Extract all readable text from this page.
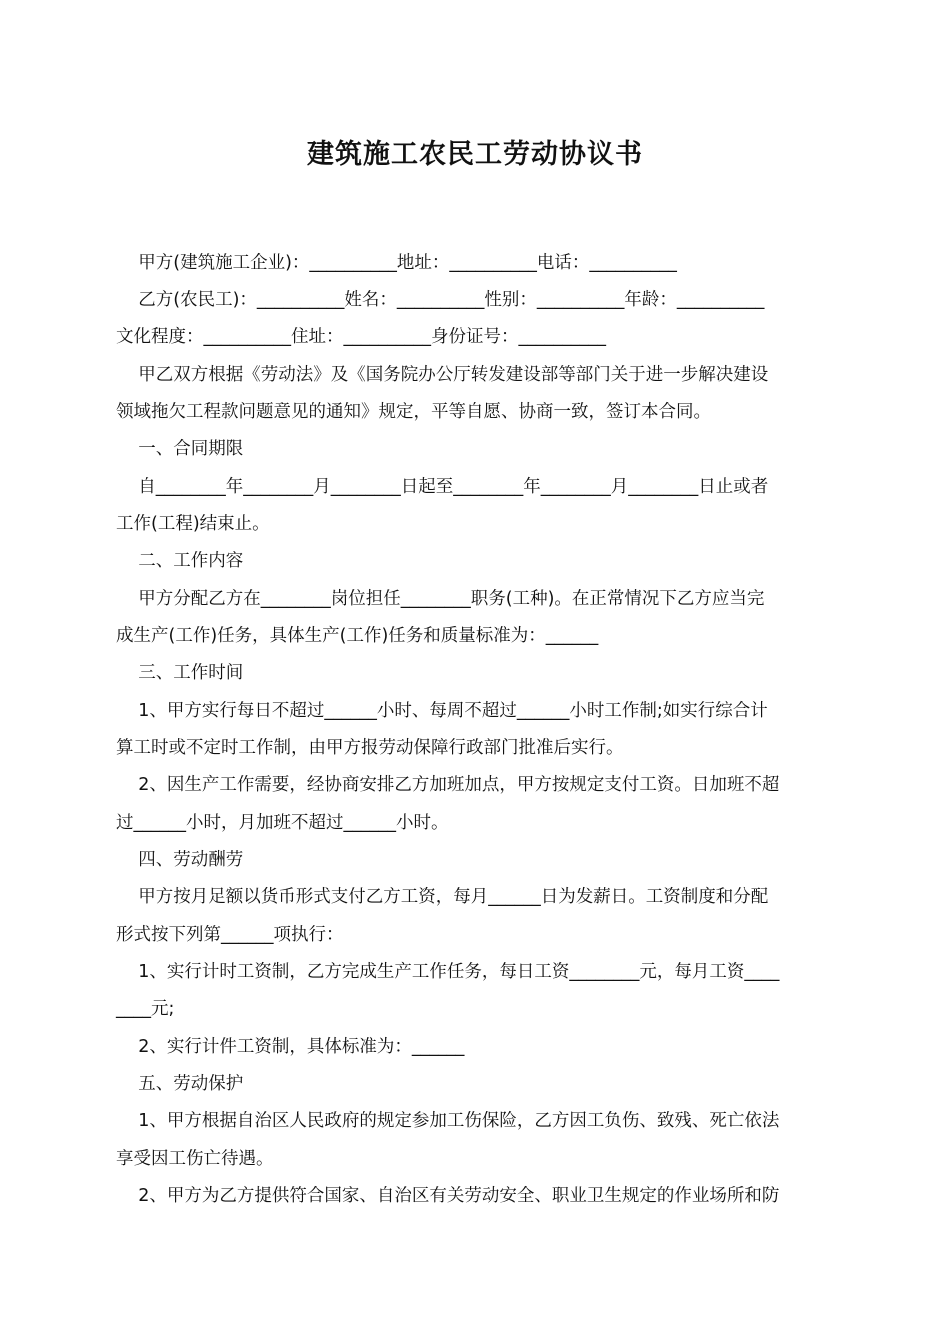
建筑施工农民工劳动协议书
甲方(建筑施工企业)：__________地址：__________电话：__________
乙方(农民工)：__________姓名：__________性别：__________年龄：__________
文化程度：__________住址：__________身份证号：__________
甲乙双方根据《劳动法》及《国务院办公厅转发建设部等部门关于进一步解决建设
领域拖欠工程款问题意见的通知》规定，平等自愿、协商一致，签订本合同。
一、合同期限
自________年________月________日起至________年________月________日止或者
工作(工程)结束止。
二、工作内容
甲方分配乙方在________岗位担任________职务(工种)。在正常情况下乙方应当完
成生产(工作)任务，具体生产(工作)任务和质量标准为：______
三、工作时间
1、甲方实行每日不超过______小时、每周不超过______小时工作制;如实行综合计
算工时或不定时工作制，由甲方报劳动保障行政部门批准后实行。
2、因生产工作需要，经协商安排乙方加班加点，甲方按规定支付工资。日加班不超
过______小时，月加班不超过______小时。
四、劳动酬劳
甲方按月足额以货币形式支付乙方工资，每月______日为发薪日。工资制度和分配
形式按下列第______项执行：
1、实行计时工资制，乙方完成生产工作任务，每日工资________元，每月工资____
____元;
2、实行计件工资制，具体标准为：______
五、劳动保护
1、甲方根据自治区人民政府的规定参加工伤保险，乙方因工负伤、致残、死亡依法
享受因工伤亡待遇。
2、甲方为乙方提供符合国家、自治区有关劳动安全、职业卫生规定的作业场所和防
